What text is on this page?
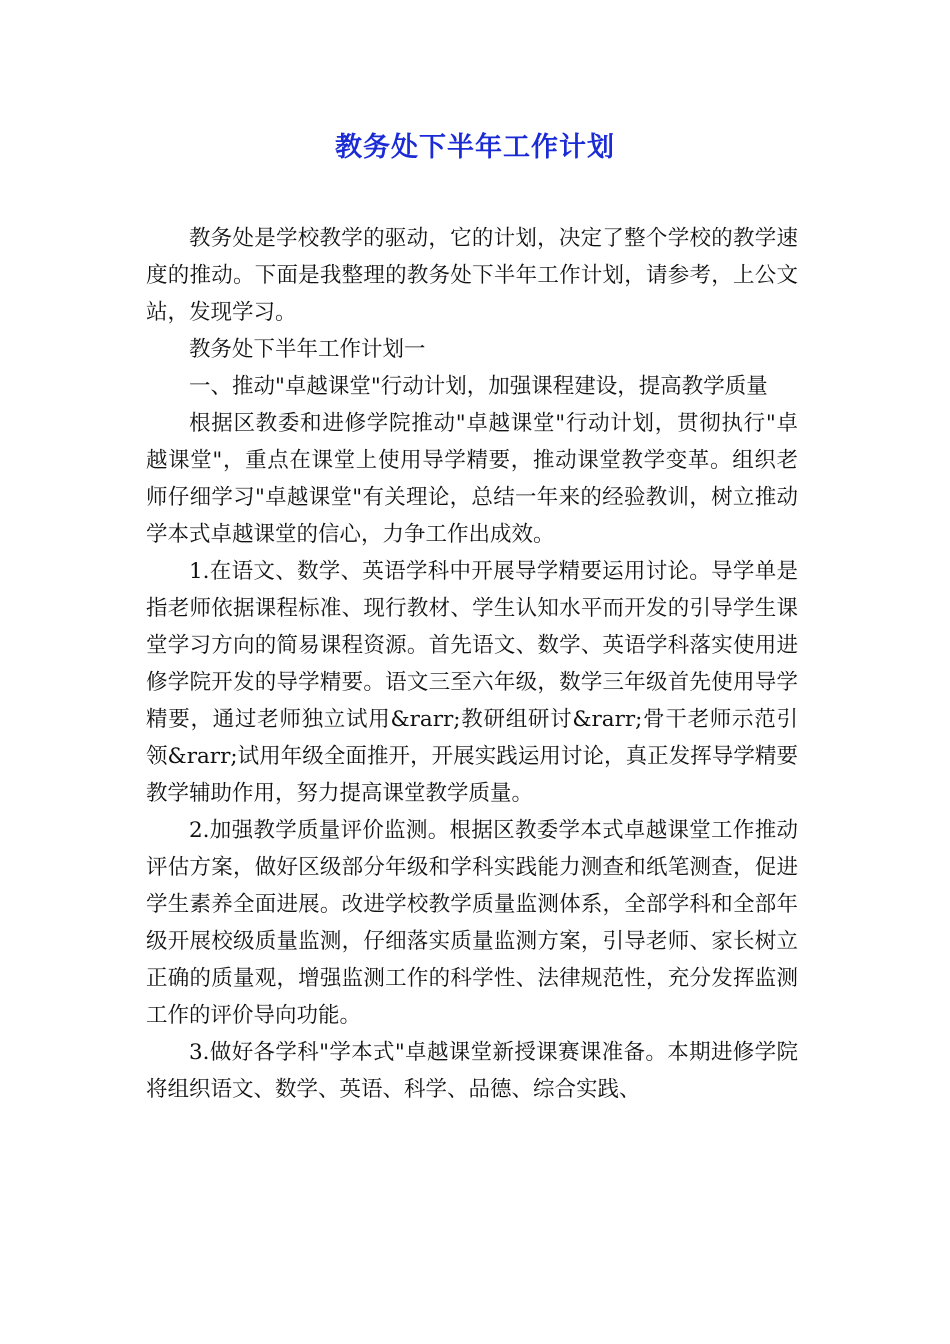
教务处下半年工作计划

教务处是学校教学的驱动，它的计划，决定了整个学校的教学速度的推动。下面是我整理的教务处下半年工作计划，请参考，上公文站，发现学习。

教务处下半年工作计划一

一、推动"卓越课堂"行动计划，加强课程建设，提高教学质量

根据区教委和进修学院推动"卓越课堂"行动计划，贯彻执行"卓越课堂"，重点在课堂上使用导学精要，推动课堂教学变革。组织老师仔细学习"卓越课堂"有关理论，总结一年来的经验教训，树立推动学本式卓越课堂的信心，力争工作出成效。

1.在语文、数学、英语学科中开展导学精要运用讨论。导学单是指老师依据课程标准、现行教材、学生认知水平而开发的引导学生课堂学习方向的简易课程资源。首先语文、数学、英语学科落实使用进修学院开发的导学精要。语文三至六年级，数学三年级首先使用导学精要，通过老师独立试用&rarr;教研组研讨&rarr;骨干老师示范引领&rarr;试用年级全面推开，开展实践运用讨论，真正发挥导学精要教学辅助作用，努力提高课堂教学质量。

2.加强教学质量评价监测。根据区教委学本式卓越课堂工作推动评估方案，做好区级部分年级和学科实践能力测查和纸笔测查，促进学生素养全面进展。改进学校教学质量监测体系，全部学科和全部年级开展校级质量监测，仔细落实质量监测方案，引导老师、家长树立正确的质量观，增强监测工作的科学性、法律规范性，充分发挥监测工作的评价导向功能。

3.做好各学科"学本式"卓越课堂新授课赛课准备。本期进修学院将组织语文、数学、英语、科学、品德、综合实践、
